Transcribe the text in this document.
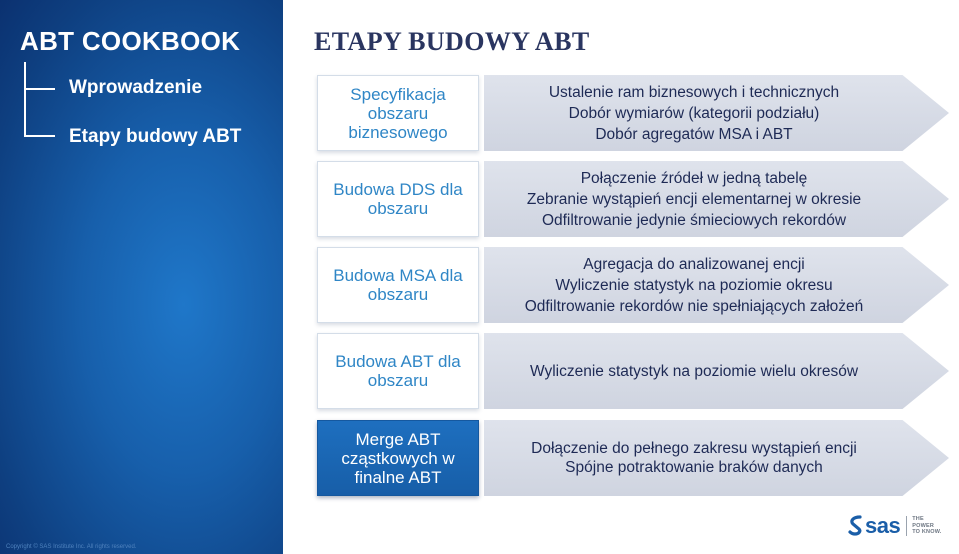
ABT COOKBOOK
Wprowadzenie
Etapy budowy ABT
Copyright © SAS Institute Inc. All rights reserved.
ETAPY BUDOWY ABT
Specyfikacja obszaru biznesowego
Ustalenie ram biznesowych i technicznych
Dobór wymiarów (kategorii podziału)
Dobór agregatów MSA i ABT
Budowa DDS dla obszaru
Połączenie źródeł w jedną tabelę
Zebranie wystąpień encji elementarnej w okresie
Odfiltrowanie jedynie śmieciowych rekordów
Budowa MSA dla obszaru
Agregacja do analizowanej encji
Wyliczenie statystyk na poziomie okresu
Odfiltrowanie rekordów nie spełniających założeń
Budowa ABT dla obszaru	Wyliczenie statystyk na poziomie wielu okresów
Merge ABT cząstkowych w finalne ABT
Dołączenie do pełnego zakresu wystąpień encji
Spójne potraktowanie braków danych
sas THE
POWER
TO KNOW.
